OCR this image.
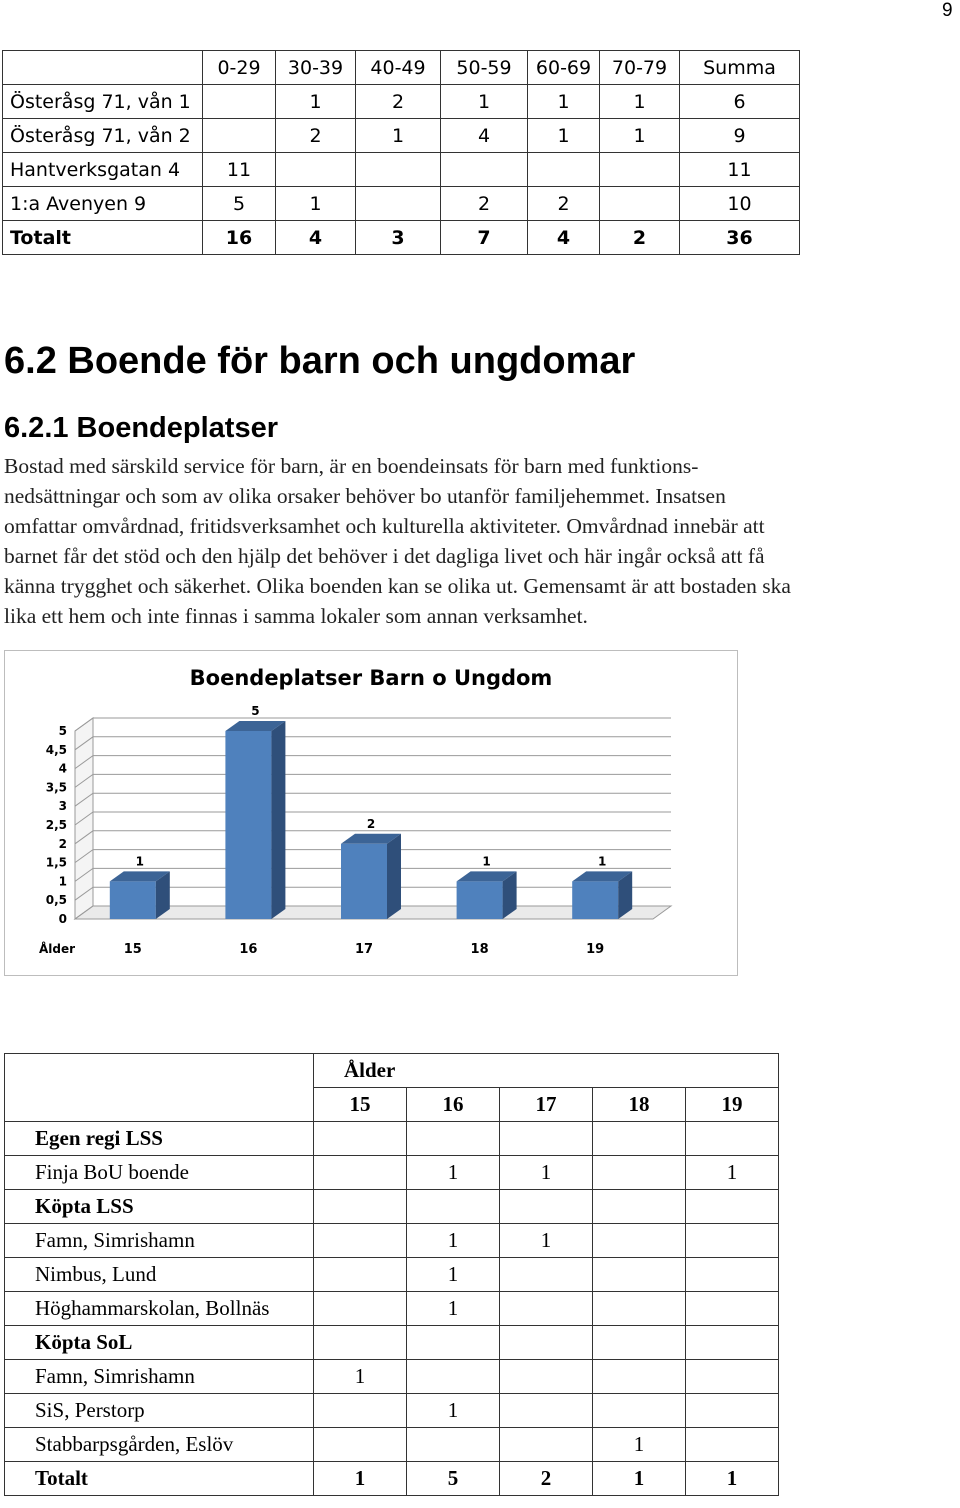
9
	0-29	30-39	40-49	50-59	60-69	70-79	Summa
Österåsg 71, vån 1		1	2	1	1	1	6
Österåsg 71, vån 2		2	1	4	1	1	9
Hantverksgatan 4	11						11
1:a Avenyen 9	5	1		2	2		10
Totalt	16	4	3	7	4	2	36
6.2 Boende för barn och ungdomar
6.2.1 Boendeplatser
Bostad med särskild service för barn, är en boendeinsats för barn med funktions-
nedsättningar och som av olika orsaker behöver bo utanför familjehemmet. Insatsen
omfattar omvårdnad, fritidsverksamhet och kulturella aktiviteter. Omvårdnad innebär att
barnet får det stöd och den hjälp det behöver i det dagliga livet och här ingår också att få
känna trygghet och säkerhet. Olika boenden kan se olika ut. Gemensamt är att bostaden ska
lika ett hem och inte finnas i samma lokaler som annan verksamhet.
Boendeplatser Barn o Ungdom
0
0,5
1
1,5
2
2,5
3
3,5
4
4,5
5
1
5
2
1	1
15	16	17	18	19
Ålder
	Ålder				
	15	16	17	18	19
Egen regi LSS					
Finja BoU boende		1	1		1
Köpta LSS					
Famn, Simrishamn		1	1		
Nimbus, Lund		1			
Höghammarskolan, Bollnäs		1			
Köpta SoL					
Famn, Simrishamn	1				
SiS, Perstorp		1			
Stabbarpsgården, Eslöv				1	
Totalt	1	5	2	1	1
